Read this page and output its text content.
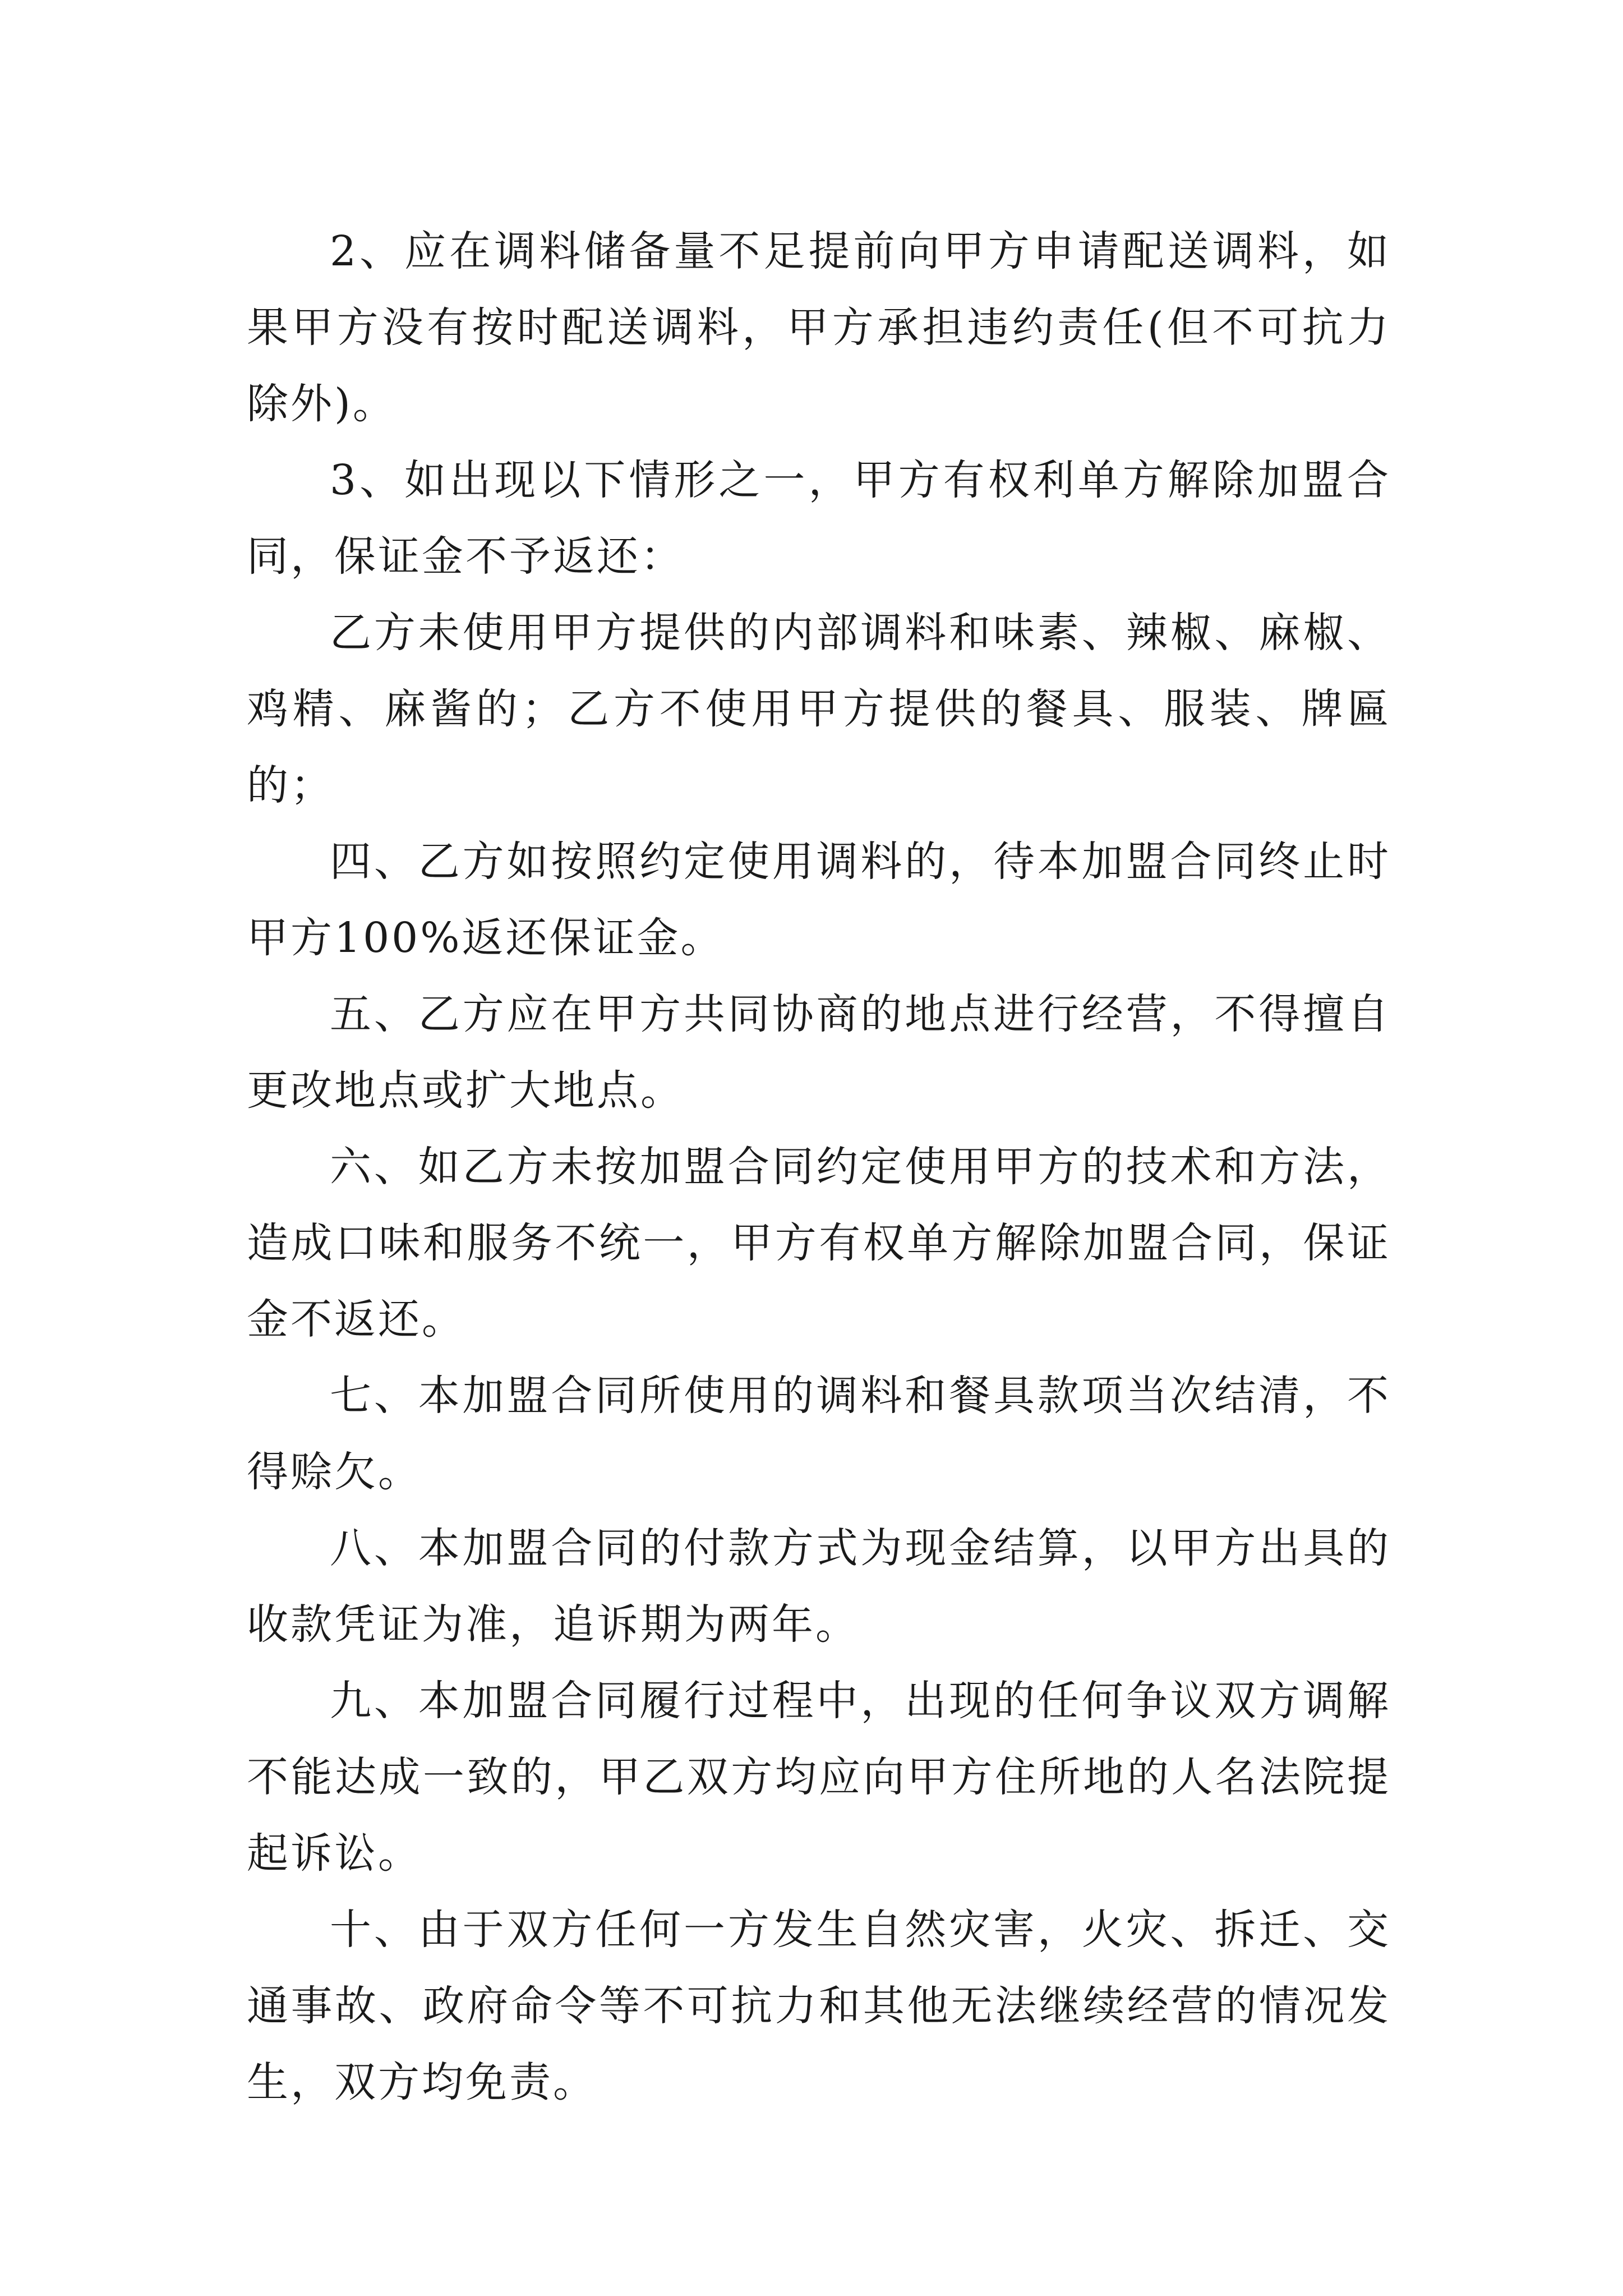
2、应在调料储备量不足提前向甲方申请配送调料，如果甲方没有按时配送调料，甲方承担违约责任(但不可抗力除外)。

3、如出现以下情形之一，甲方有权利单方解除加盟合同，保证金不予返还：

乙方未使用甲方提供的内部调料和味素、辣椒、麻椒、鸡精、麻酱的；乙方不使用甲方提供的餐具、服装、牌匾的；

四、乙方如按照约定使用调料的，待本加盟合同终止时甲方100%返还保证金。

五、乙方应在甲方共同协商的地点进行经营，不得擅自更改地点或扩大地点。

六、如乙方未按加盟合同约定使用甲方的技术和方法，造成口味和服务不统一，甲方有权单方解除加盟合同，保证金不返还。

七、本加盟合同所使用的调料和餐具款项当次结清，不得赊欠。

八、本加盟合同的付款方式为现金结算，以甲方出具的收款凭证为准，追诉期为两年。

九、本加盟合同履行过程中，出现的任何争议双方调解不能达成一致的，甲乙双方均应向甲方住所地的人名法院提起诉讼。

十、由于双方任何一方发生自然灾害，火灾、拆迁、交通事故、政府命令等不可抗力和其他无法继续经营的情况发生，双方均免责。
